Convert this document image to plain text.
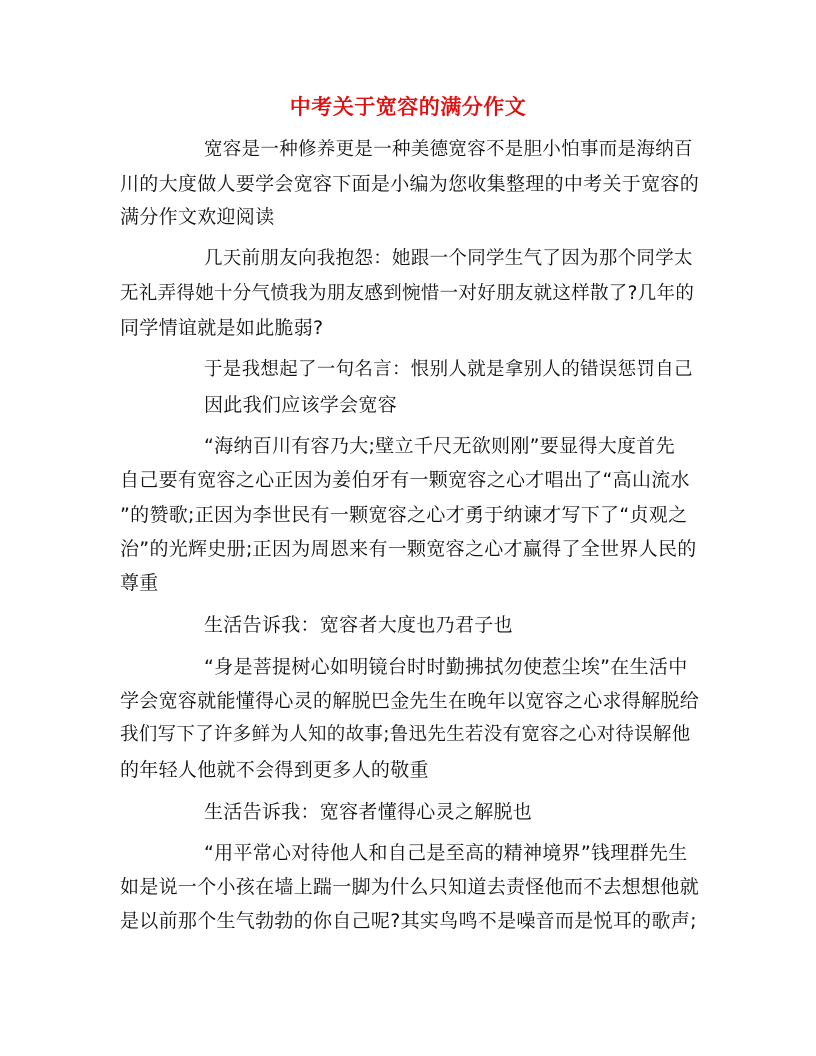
中考关于宽容的满分作文

宽容是一种修养更是一种美德宽容不是胆小怕事而是海纳百

川的大度做人要学会宽容下面是小编为您收集整理的中考关于宽容的

满分作文欢迎阅读

几天前朋友向我抱怨：她跟一个同学生气了因为那个同学太

无礼弄得她十分气愤我为朋友感到惋惜一对好朋友就这样散了?几年的

同学情谊就是如此脆弱?

于是我想起了一句名言：恨别人就是拿别人的错误惩罚自己

因此我们应该学会宽容

“海纳百川有容乃大;壁立千尺无欲则刚”要显得大度首先

自己要有宽容之心正因为姜伯牙有一颗宽容之心才唱出了“高山流水

”的赞歌;正因为李世民有一颗宽容之心才勇于纳谏才写下了“贞观之

治”的光辉史册;正因为周恩来有一颗宽容之心才赢得了全世界人民的

尊重

生活告诉我：宽容者大度也乃君子也

“身是菩提树心如明镜台时时勤拂拭勿使惹尘埃”在生活中

学会宽容就能懂得心灵的解脱巴金先生在晚年以宽容之心求得解脱给

我们写下了许多鲜为人知的故事;鲁迅先生若没有宽容之心对待误解他

的年轻人他就不会得到更多人的敬重

生活告诉我：宽容者懂得心灵之解脱也

“用平常心对待他人和自己是至高的精神境界”钱理群先生

如是说一个小孩在墙上踹一脚为什么只知道去责怪他而不去想想他就

是以前那个生气勃勃的你自己呢?其实鸟鸣不是噪音而是悦耳的歌声;
